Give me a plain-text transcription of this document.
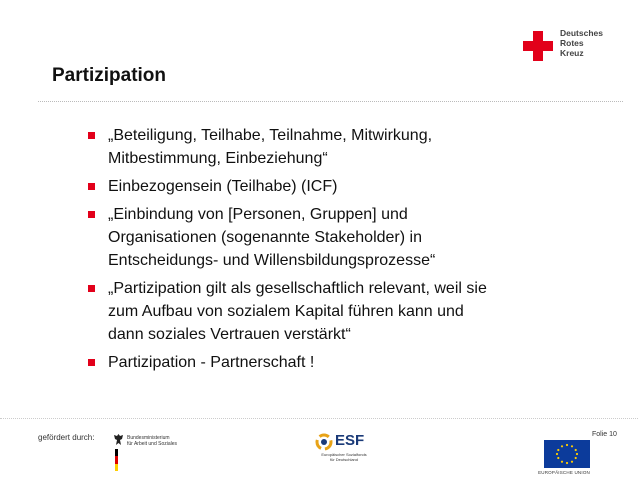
Deutsches
Rotes
Kreuz
Partizipation
„Beteiligung, Teilhabe, Teilnahme, Mitwirkung,
Mitbestimmung, Einbeziehung“
Einbezogensein (Teilhabe) (ICF)
„Einbindung von [Personen, Gruppen] und
Organisationen (sogenannte Stakeholder) in
Entscheidungs- und Willensbildungsprozesse“
„Partizipation gilt als gesellschaftlich relevant, weil sie
zum Aufbau von sozialem Kapital führen kann und
dann soziales Vertrauen verstärkt“
Partizipation - Partnerschaft !
gefördert durch:	Folie 10
Bundesministerium
für Arbeit und Soziales	ESF
Europäischer Sozialfonds
für Deutschland
EUROPÄISCHE UNION
